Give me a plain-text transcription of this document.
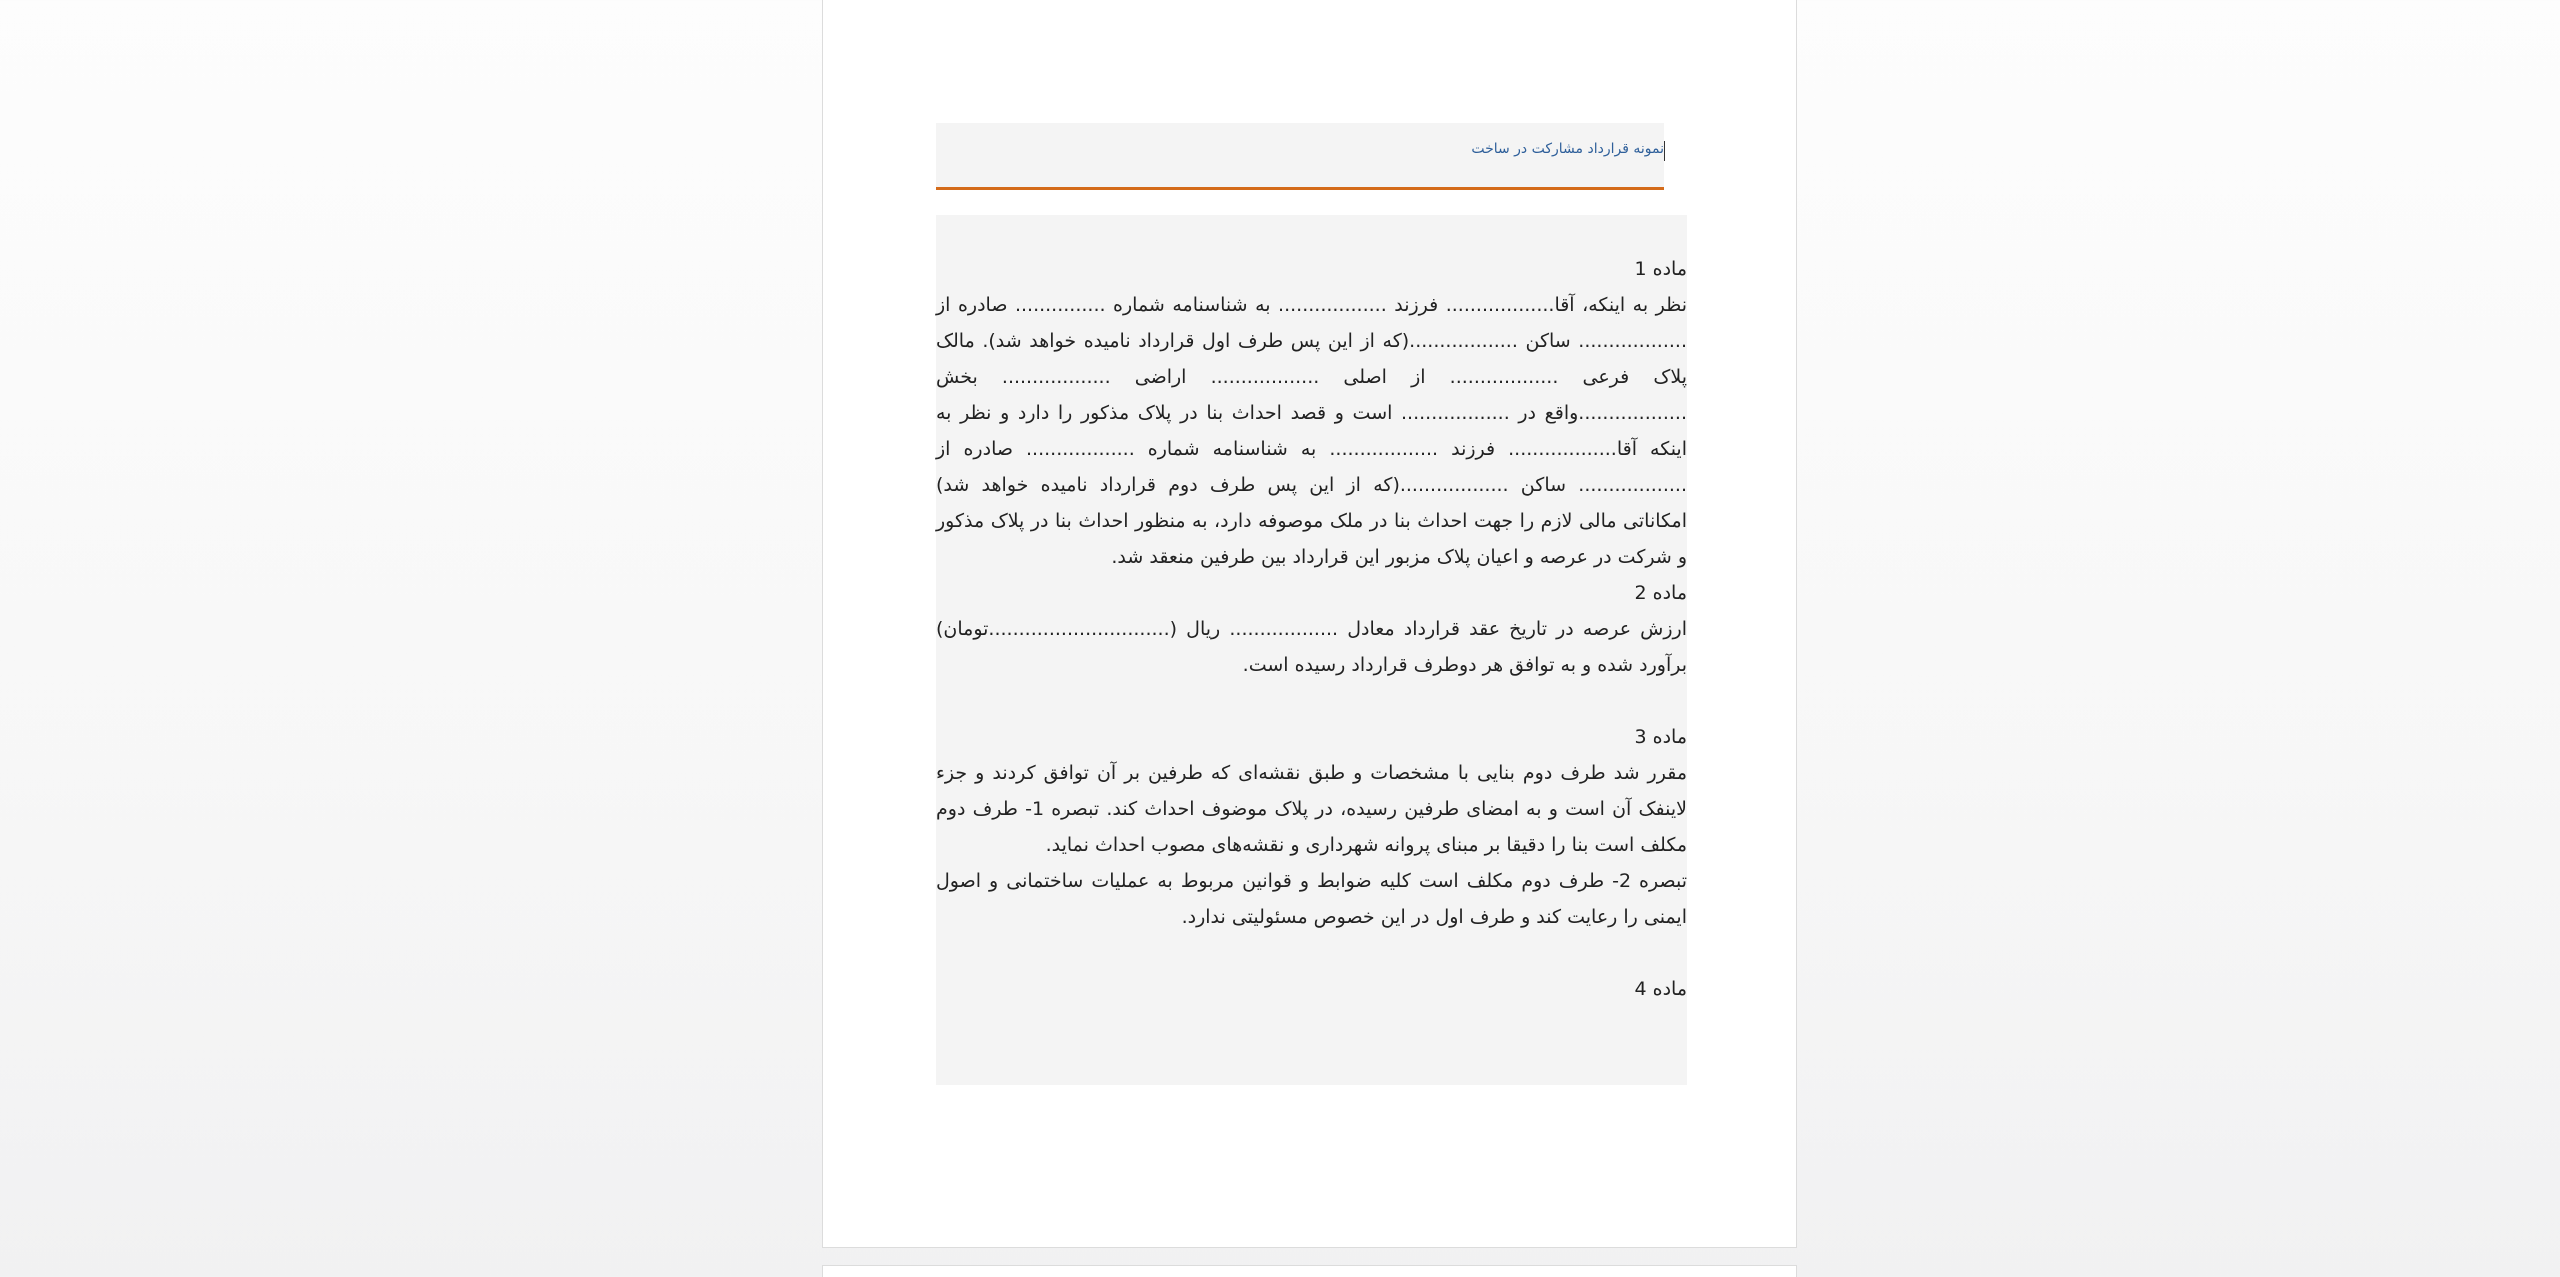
نمونه قرارداد مشارکت در ساخت
ماده 1
نظر به اینکه، آقا.................. فرزند .................. به شناسنامه شماره ............... صادره از .................. ساکن ..................(که از این پس طرف اول قرارداد نامیده خواهد شد). مالک پلاک فرعی .................. از اصلی .................. اراضی .................. بخش ..................واقع در .................. است و قصد احداث بنا در پلاک مذکور را دارد و نظر به اینکه آقا.................. فرزند .................. به شناسنامه شماره .................. صادره از .................. ساکن ..................(که از این پس طرف دوم قرارداد نامیده خواهد شد) امکاناتی مالی لازم را جهت احداث بنا در ملک موصوفه دارد، به منظور احداث بنا در پلاک مذکور و شرکت در عرصه و اعیان پلاک مزبور این قرارداد بین طرفین منعقد شد.
ماده 2
ارزش عرصه در تاریخ عقد قرارداد معادل .................. ریال (..............................تومان) برآورد شده و به توافق هر دوطرف قرارداد رسیده است.
ماده 3
مقرر شد طرف دوم بنایی با مشخصات و طبق نقشه‌ای که طرفین بر آن توافق کردند و جزء لاینفک آن است و به امضای طرفین رسیده، در پلاک موضوف احداث کند. تبصره 1- طرف دوم مکلف است بنا را دقیقا بر مبنای پروانه شهرداری و نقشه‌های مصوب احداث نماید.
تبصره 2- طرف دوم مکلف است کلیه ضوابط و قوانین مربوط به عملیات ساختمانی و اصول ایمنی را رعایت کند و طرف اول در این خصوص مسئولیتی ندارد.
ماده 4
